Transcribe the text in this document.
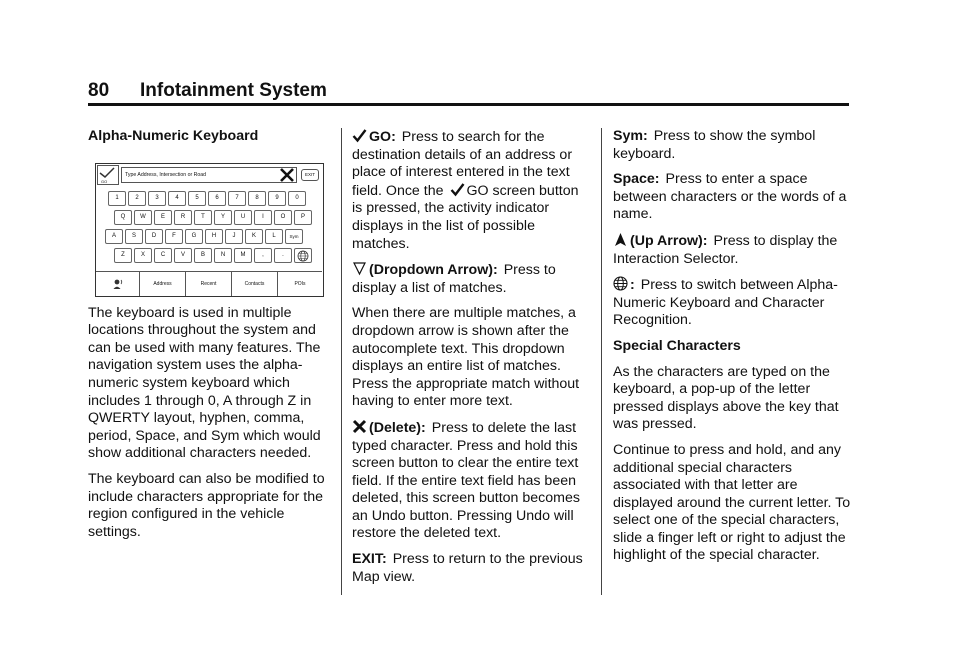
80 Infotainment System

Alpha-Numeric Keyboard

The keyboard is used in multiple locations throughout the system and can be used with many features. The navigation system uses the alpha-numeric system keyboard which includes 1 through 0, A through Z in QWERTY layout, hyphen, comma, period, Space, and Sym which would show additional characters needed.

The keyboard can also be modified to include characters appropriate for the region configured in the vehicle settings.

GO
Type Address, Intersection or Road	EXIT
1	2	3	4	5	6	7	8	9	0
Q	W	E	R	T	Y	U	I	O	P
A	S	D	F	G	H	J	K	L	Sym
Z	X	C	V	B	N	M	,	.
Address	Recent	Contacts	POIs

GO: Press to search for the destination details of an address or place of interest entered in the text field. Once the GO screen button is pressed, the activity indicator displays in the list of possible matches.

(Dropdown Arrow): Press to display a list of matches.

When there are multiple matches, a dropdown arrow is shown after the autocomplete text. This dropdown displays an entire list of matches. Press the appropriate match without having to enter more text.

(Delete): Press to delete the last typed character. Press and hold this screen button to clear the entire text field. If the entire text field has been deleted, this screen button becomes an Undo button. Pressing Undo will restore the deleted text.

EXIT: Press to return to the previous Map view.

Sym: Press to show the symbol keyboard.

Space: Press to enter a space between characters or the words of a name.

(Up Arrow): Press to display the Interaction Selector.

: Press to switch between Alpha-Numeric Keyboard and Character Recognition.

Special Characters

As the characters are typed on the keyboard, a pop-up of the letter pressed displays above the key that was pressed.

Continue to press and hold, and any additional special characters associated with that letter are displayed around the current letter. To select one of the special characters, slide a finger left or right to adjust the highlight of the special character.
